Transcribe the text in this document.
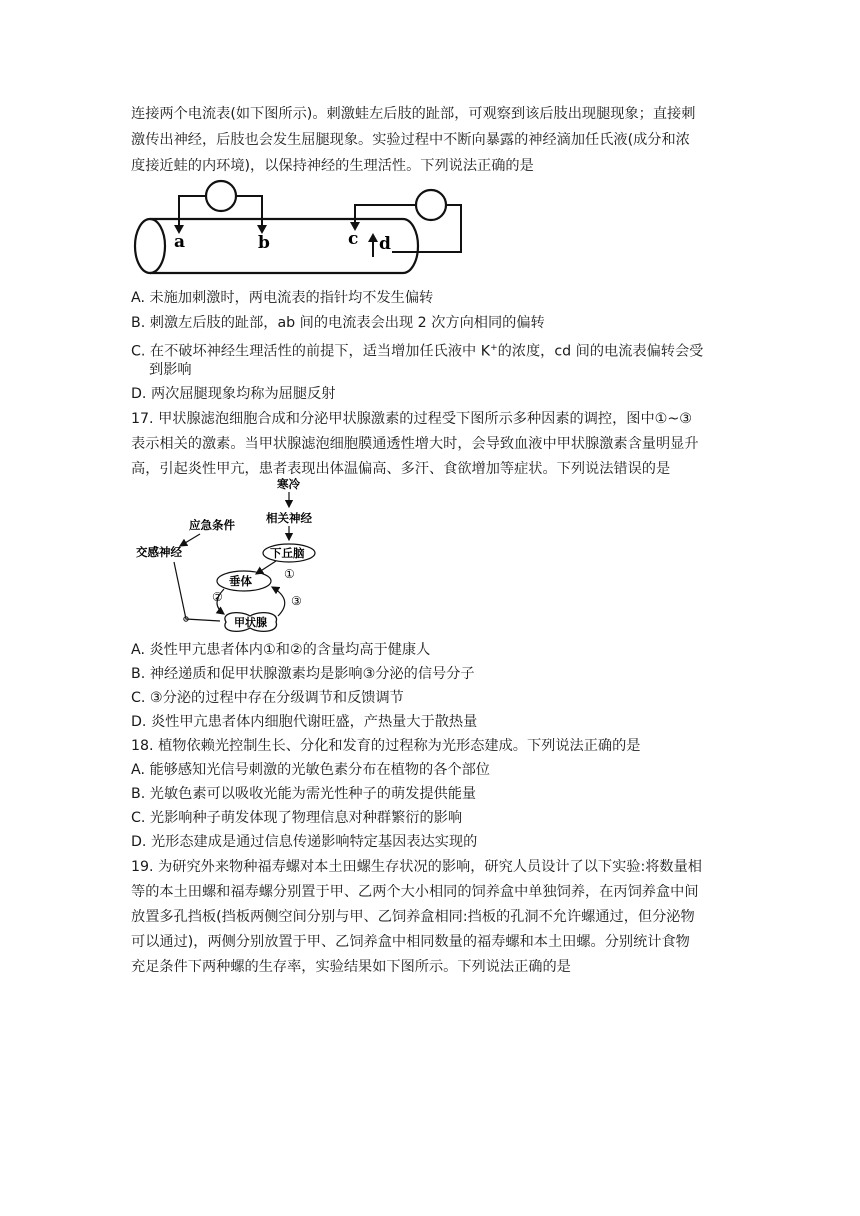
连接两个电流表(如下图所示)。刺激蛙左后肢的趾部，可观察到该后肢出现腿现象；直接刺
激传出神经，后肢也会发生屈腿现象。实验过程中不断向暴露的神经滴加任氏液(成分和浓
度接近蛙的内环境)，以保持神经的生理活性。下列说法正确的是
a	b	c d
A. 未施加刺激时，两电流表的指针均不发生偏转
B. 刺激左后肢的趾部，ab 间的电流表会出现 2 次方向相同的偏转
C. 在不破坏神经生理活性的前提下，适当增加任氏液中 K+的浓度，cd 间的电流表偏转会受
到影响
D. 两次屈腿现象均称为屈腿反射
17. 甲状腺滤泡细胞合成和分泌甲状腺激素的过程受下图所示多种因素的调控，图中①~③
表示相关的激素。当甲状腺滤泡细胞膜通透性增大时，会导致血液中甲状腺激素含量明显升
高，引起炎性甲亢，患者表现出体温偏高、多汗、食欲增加等症状。下列说法错误的是
寒冷
相关神经
下丘脑
应急条件
交感神经
①
垂体
②	③
甲状腺
A. 炎性甲亢患者体内①和②的含量均高于健康人
B. 神经递质和促甲状腺激素均是影响③分泌的信号分子
C. ③分泌的过程中存在分级调节和反馈调节
D. 炎性甲亢患者体内细胞代谢旺盛，产热量大于散热量
18. 植物依赖光控制生长、分化和发育的过程称为光形态建成。下列说法正确的是
A. 能够感知光信号刺激的光敏色素分布在植物的各个部位
B. 光敏色素可以吸收光能为需光性种子的萌发提供能量
C. 光影响种子萌发体现了物理信息对种群繁衍的影响
D. 光形态建成是通过信息传递影响特定基因表达实现的
19. 为研究外来物种福寿螺对本土田螺生存状况的影响，研究人员设计了以下实验:将数量相
等的本土田螺和福寿螺分别置于甲、乙两个大小相同的饲养盒中单独饲养，在丙饲养盒中间
放置多孔挡板(挡板两侧空间分别与甲、乙饲养盒相同:挡板的孔洞不允许螺通过，但分泌物
可以通过)，两侧分别放置于甲、乙饲养盒中相同数量的福寿螺和本土田螺。分别统计食物
充足条件下两种螺的生存率，实验结果如下图所示。下列说法正确的是
